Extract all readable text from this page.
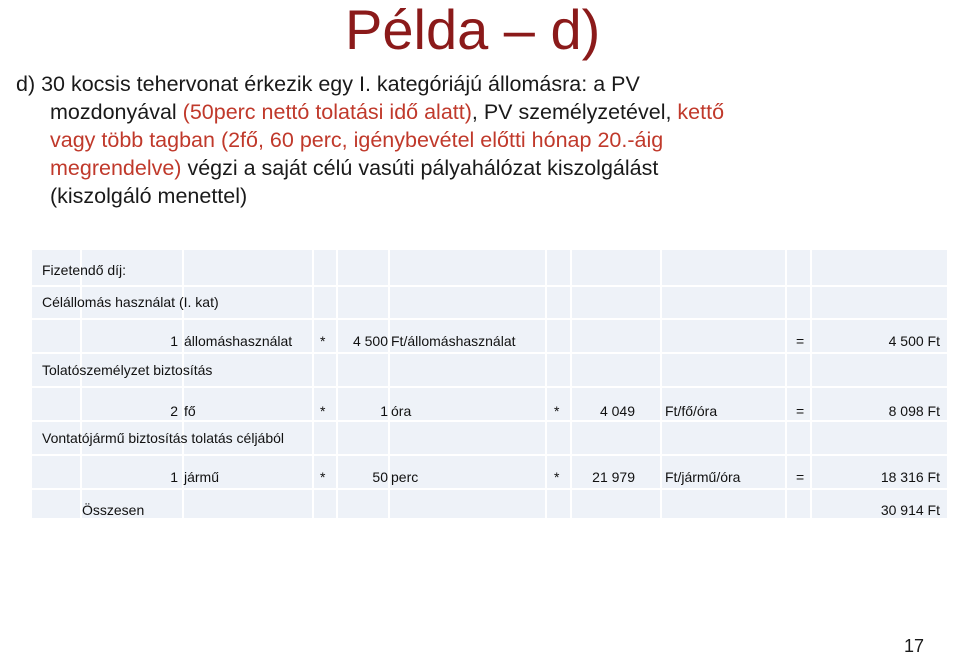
Példa – d)
d) 30 kocsis tehervonat érkezik egy I. kategóriájú állomásra: a PV
mozdonyával (50perc nettó tolatási idő alatt), PV személyzetével, kettő
vagy több tagban (2fő, 60 perc, igénybevétel előtti hónap 20.-áig
megrendelve) végzi a saját célú vasúti pályahálózat kiszolgálást
(kiszolgáló menettel)
Fizetendő díj:
Célállomás használat (I. kat)
1 állomáshasználat *	4 500 Ft/állomáshasználat	=	4 500 Ft
Tolatószemélyzet biztosítás
2 fő	*	1 óra	*	4 049 Ft/fő/óra	=	8 098 Ft
Vontatójármű biztosítás tolatás céljából
1 jármű	*	50 perc	*	21 979 Ft/jármű/óra	=	18 316 Ft
Összesen	30 914 Ft
17
